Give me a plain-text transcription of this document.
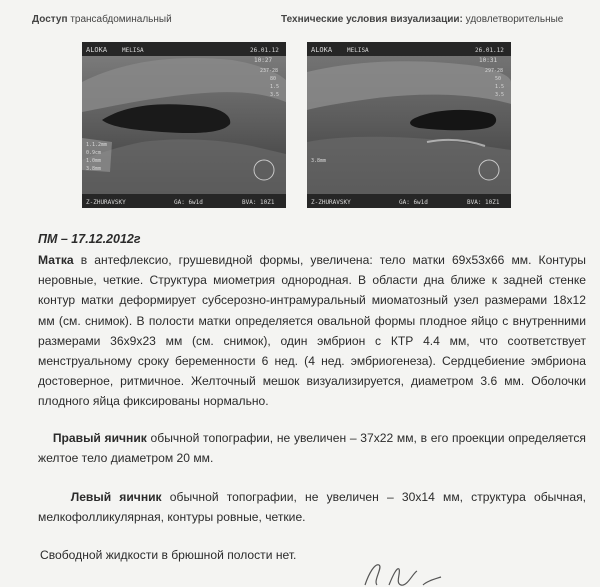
Доступ трансабдоминальный	Технические условия визуализации: удовлетворительные
ALOKA MELISA	26.01.12
10:27
237-28
80
1.5
3.5
1.1.2mm
0.9cm
1.0mm
3.8mm
Z-ZHURAVSKY	GA: 6w1d	BVA: 10Z1
ALOKA MELISA	26.01.12
10:31
297-28
50
1.5
3.5
3.8mm
Z-ZHURAVSKY	GA: 6w1d	BVA: 10Z1
ПМ – 17.12.2012г

Матка в антефлексио, грушевидной формы, увеличена: тело матки 69х53х66 мм. Контуры неровные, четкие. Структура миометрия однородная. В области дна ближе к задней стенке контур матки деформирует субсерозно-интрамуральный миоматозный узел размерами 18х12 мм (см. снимок). В полости матки определяется овальной формы плодное яйцо с внутренними размерами 36х9х23 мм (см. снимок), один эмбрион с КТР 4.4 мм, что соответствует менструальному сроку беременности 6 нед. (4 нед. эмбриогенеза). Сердцебиение эмбриона достоверное, ритмичное. Желточный мешок визуализируется, диаметром 3.6 мм. Оболочки плодного яйца фиксированы нормально.

Правый яичник обычной топографии, не увеличен – 37х22 мм, в его проекции определяется желтое тело диаметром 20 мм.

Левый яичник обычной топографии, не увеличен – 30х14 мм, структура обычная, мелкофолликулярная, контуры ровные, четкие.

Свободной жидкости в брюшной полости нет.
